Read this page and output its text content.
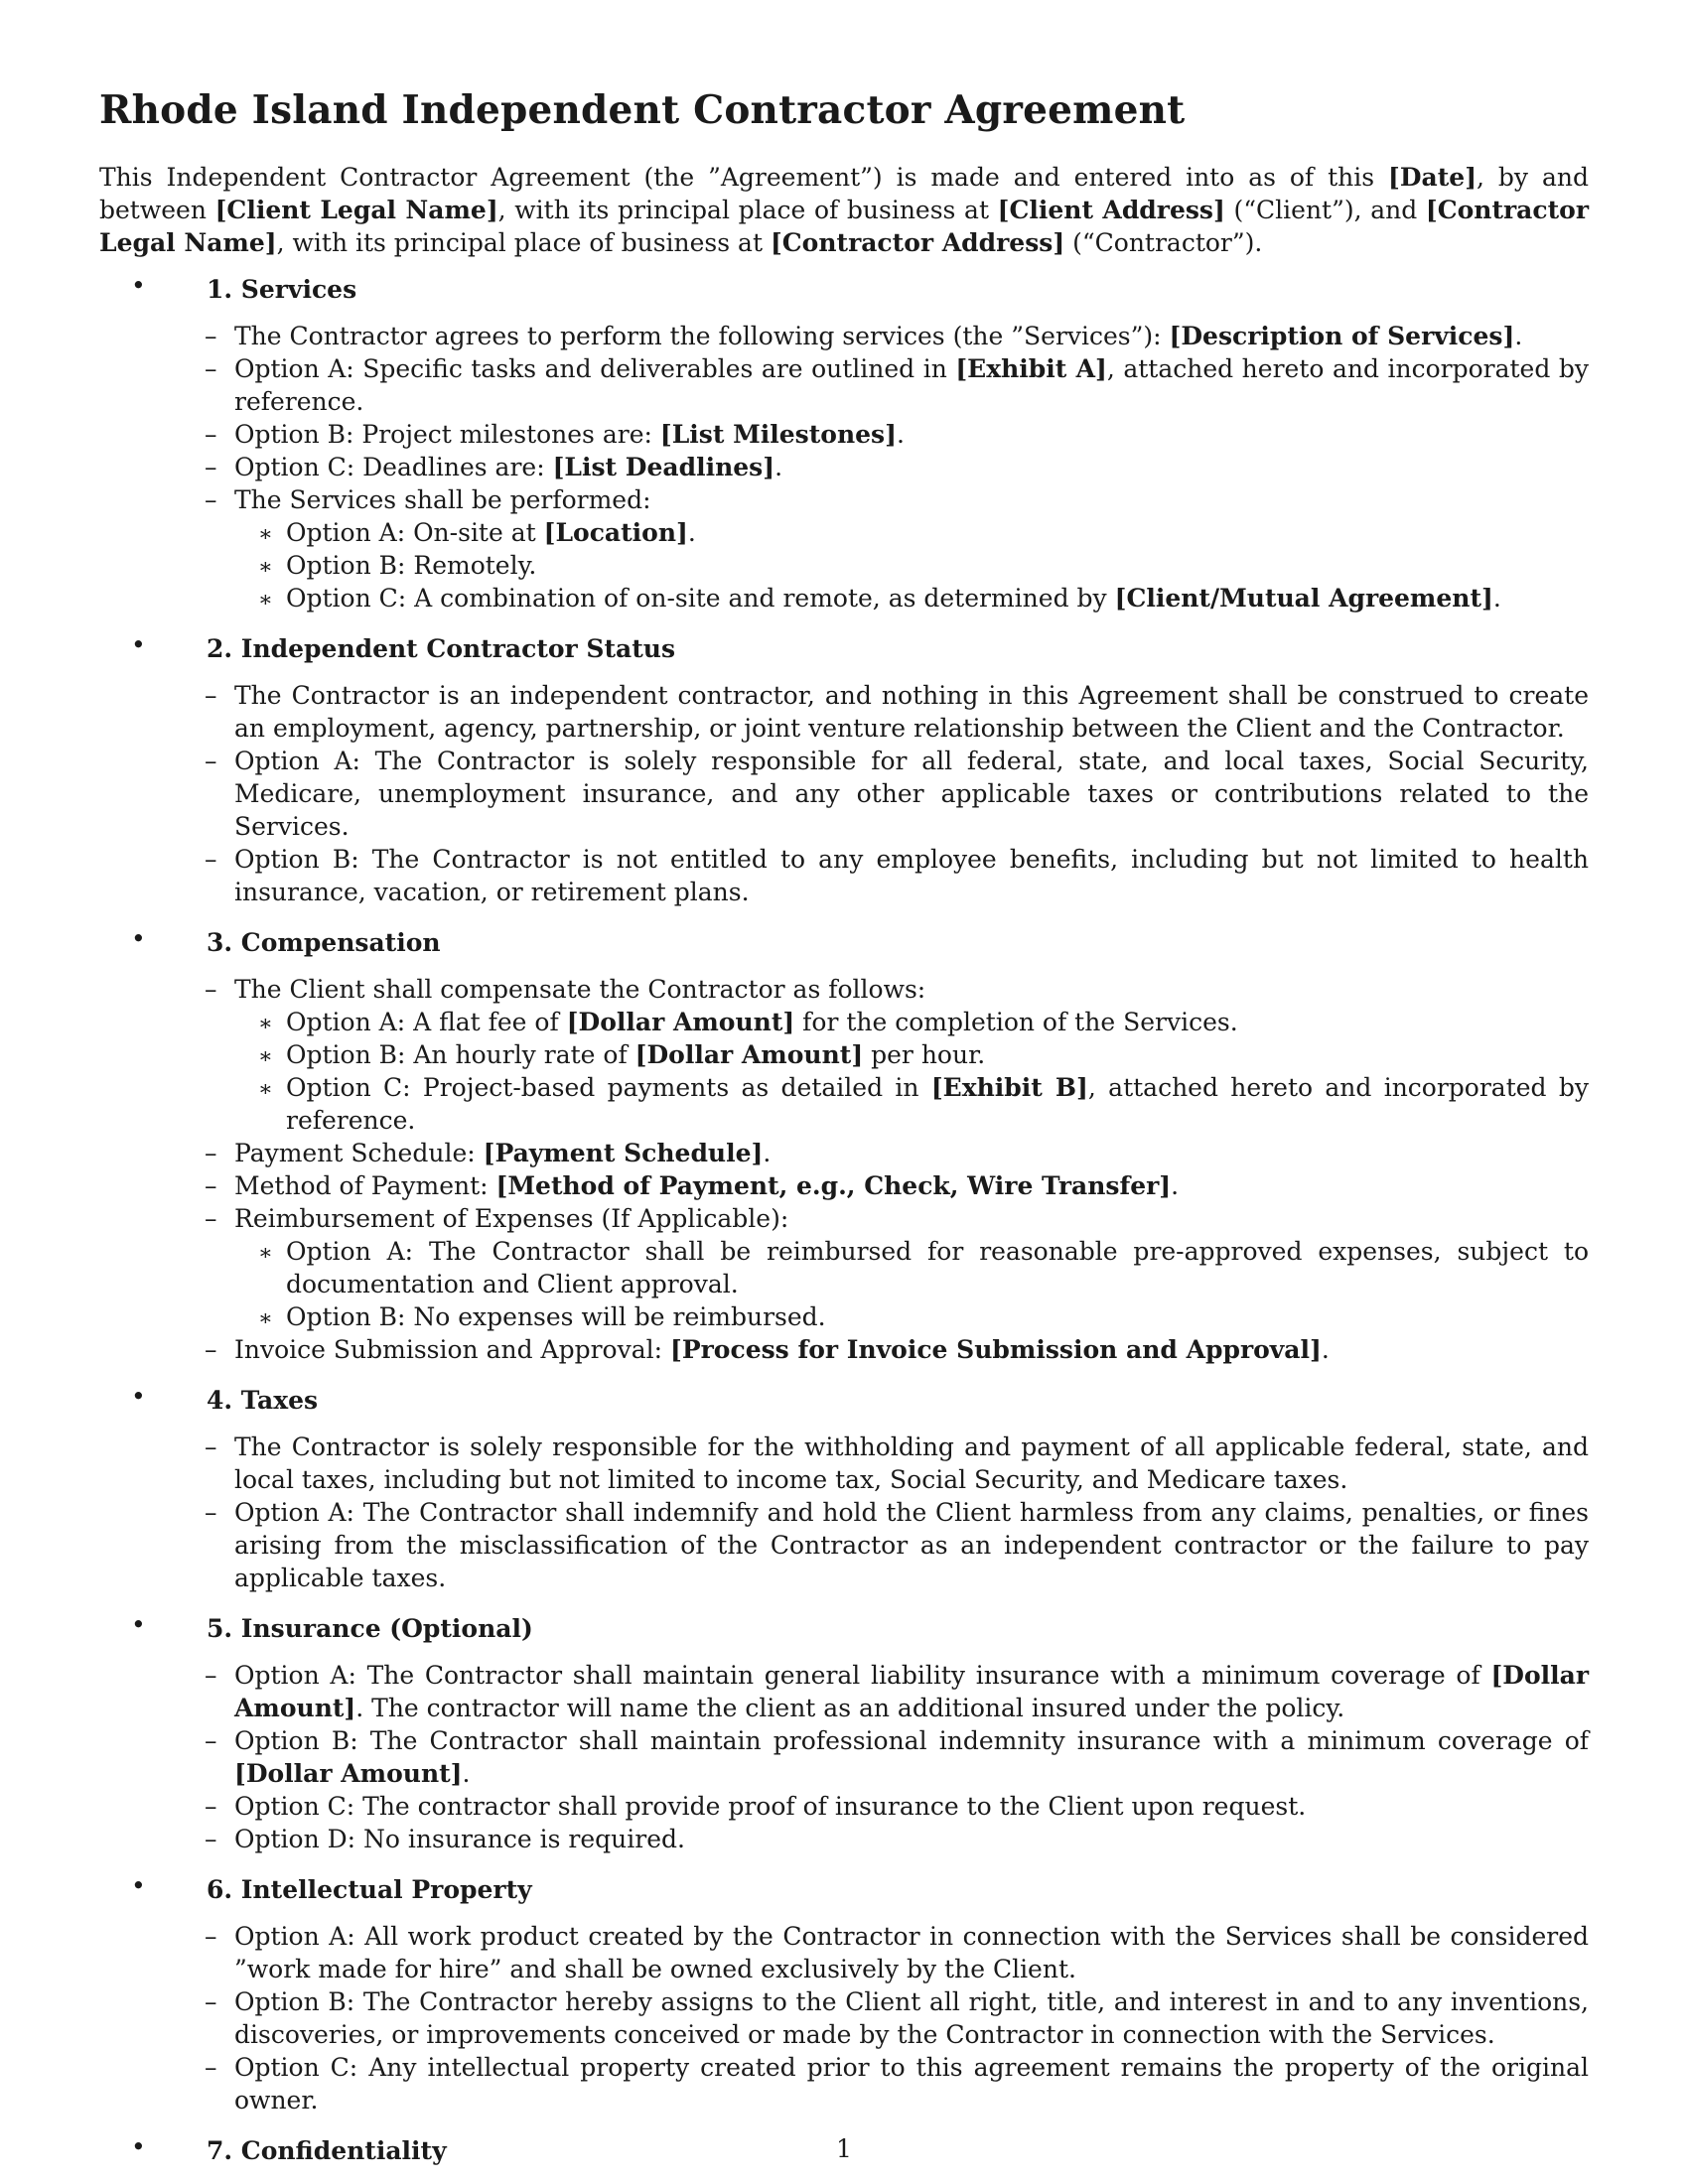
Rhode Island Independent Contractor Agreement

This Independent Contractor Agreement (the ”Agreement”) is made and entered into as of this [Date], by and between [Client Legal Name], with its principal place of business at [Client Address] (“Client”), and [Contractor Legal Name], with its principal place of business at [Contractor Address] (“Contractor”).

• 1. Services
– The Contractor agrees to perform the following services (the ”Services”): [Description of Services].
– Option A: Specific tasks and deliverables are outlined in [Exhibit A], attached hereto and incorporated by reference.
– Option B: Project milestones are: [List Milestones].
– Option C: Deadlines are: [List Deadlines].
– The Services shall be performed:
∗ Option A: On-site at [Location].
∗ Option B: Remotely.
∗ Option C: A combination of on-site and remote, as determined by [Client/Mutual Agreement].
• 2. Independent Contractor Status
– The Contractor is an independent contractor, and nothing in this Agreement shall be construed to create an employment, agency, partnership, or joint venture relationship between the Client and the Contractor.
– Option A: The Contractor is solely responsible for all federal, state, and local taxes, Social Security, Medicare, unemployment insurance, and any other applicable taxes or contributions related to the Services.
– Option B: The Contractor is not entitled to any employee benefits, including but not limited to health insurance, vacation, or retirement plans.
• 3. Compensation
– The Client shall compensate the Contractor as follows:
∗ Option A: A flat fee of [Dollar Amount] for the completion of the Services.
∗ Option B: An hourly rate of [Dollar Amount] per hour.
∗ Option C: Project-based payments as detailed in [Exhibit B], attached hereto and incorporated by reference.
– Payment Schedule: [Payment Schedule].
– Method of Payment: [Method of Payment, e.g., Check, Wire Transfer].
– Reimbursement of Expenses (If Applicable):
∗ Option A: The Contractor shall be reimbursed for reasonable pre-approved expenses, subject to documentation and Client approval.
∗ Option B: No expenses will be reimbursed.
– Invoice Submission and Approval: [Process for Invoice Submission and Approval].
• 4. Taxes
– The Contractor is solely responsible for the withholding and payment of all applicable federal, state, and local taxes, including but not limited to income tax, Social Security, and Medicare taxes.
– Option A: The Contractor shall indemnify and hold the Client harmless from any claims, penalties, or fines arising from the misclassification of the Contractor as an independent contractor or the failure to pay applicable taxes.
• 5. Insurance (Optional)
– Option A: The Contractor shall maintain general liability insurance with a minimum coverage of [Dollar Amount]. The contractor will name the client as an additional insured under the policy.
– Option B: The Contractor shall maintain professional indemnity insurance with a minimum coverage of [Dollar Amount].
– Option C: The contractor shall provide proof of insurance to the Client upon request.
– Option D: No insurance is required.
• 6. Intellectual Property
– Option A: All work product created by the Contractor in connection with the Services shall be considered ”work made for hire” and shall be owned exclusively by the Client.
– Option B: The Contractor hereby assigns to the Client all right, title, and interest in and to any inventions, discoveries, or improvements conceived or made by the Contractor in connection with the Services.
– Option C: Any intellectual property created prior to this agreement remains the property of the original owner.
• 7. Confidentiality	1
